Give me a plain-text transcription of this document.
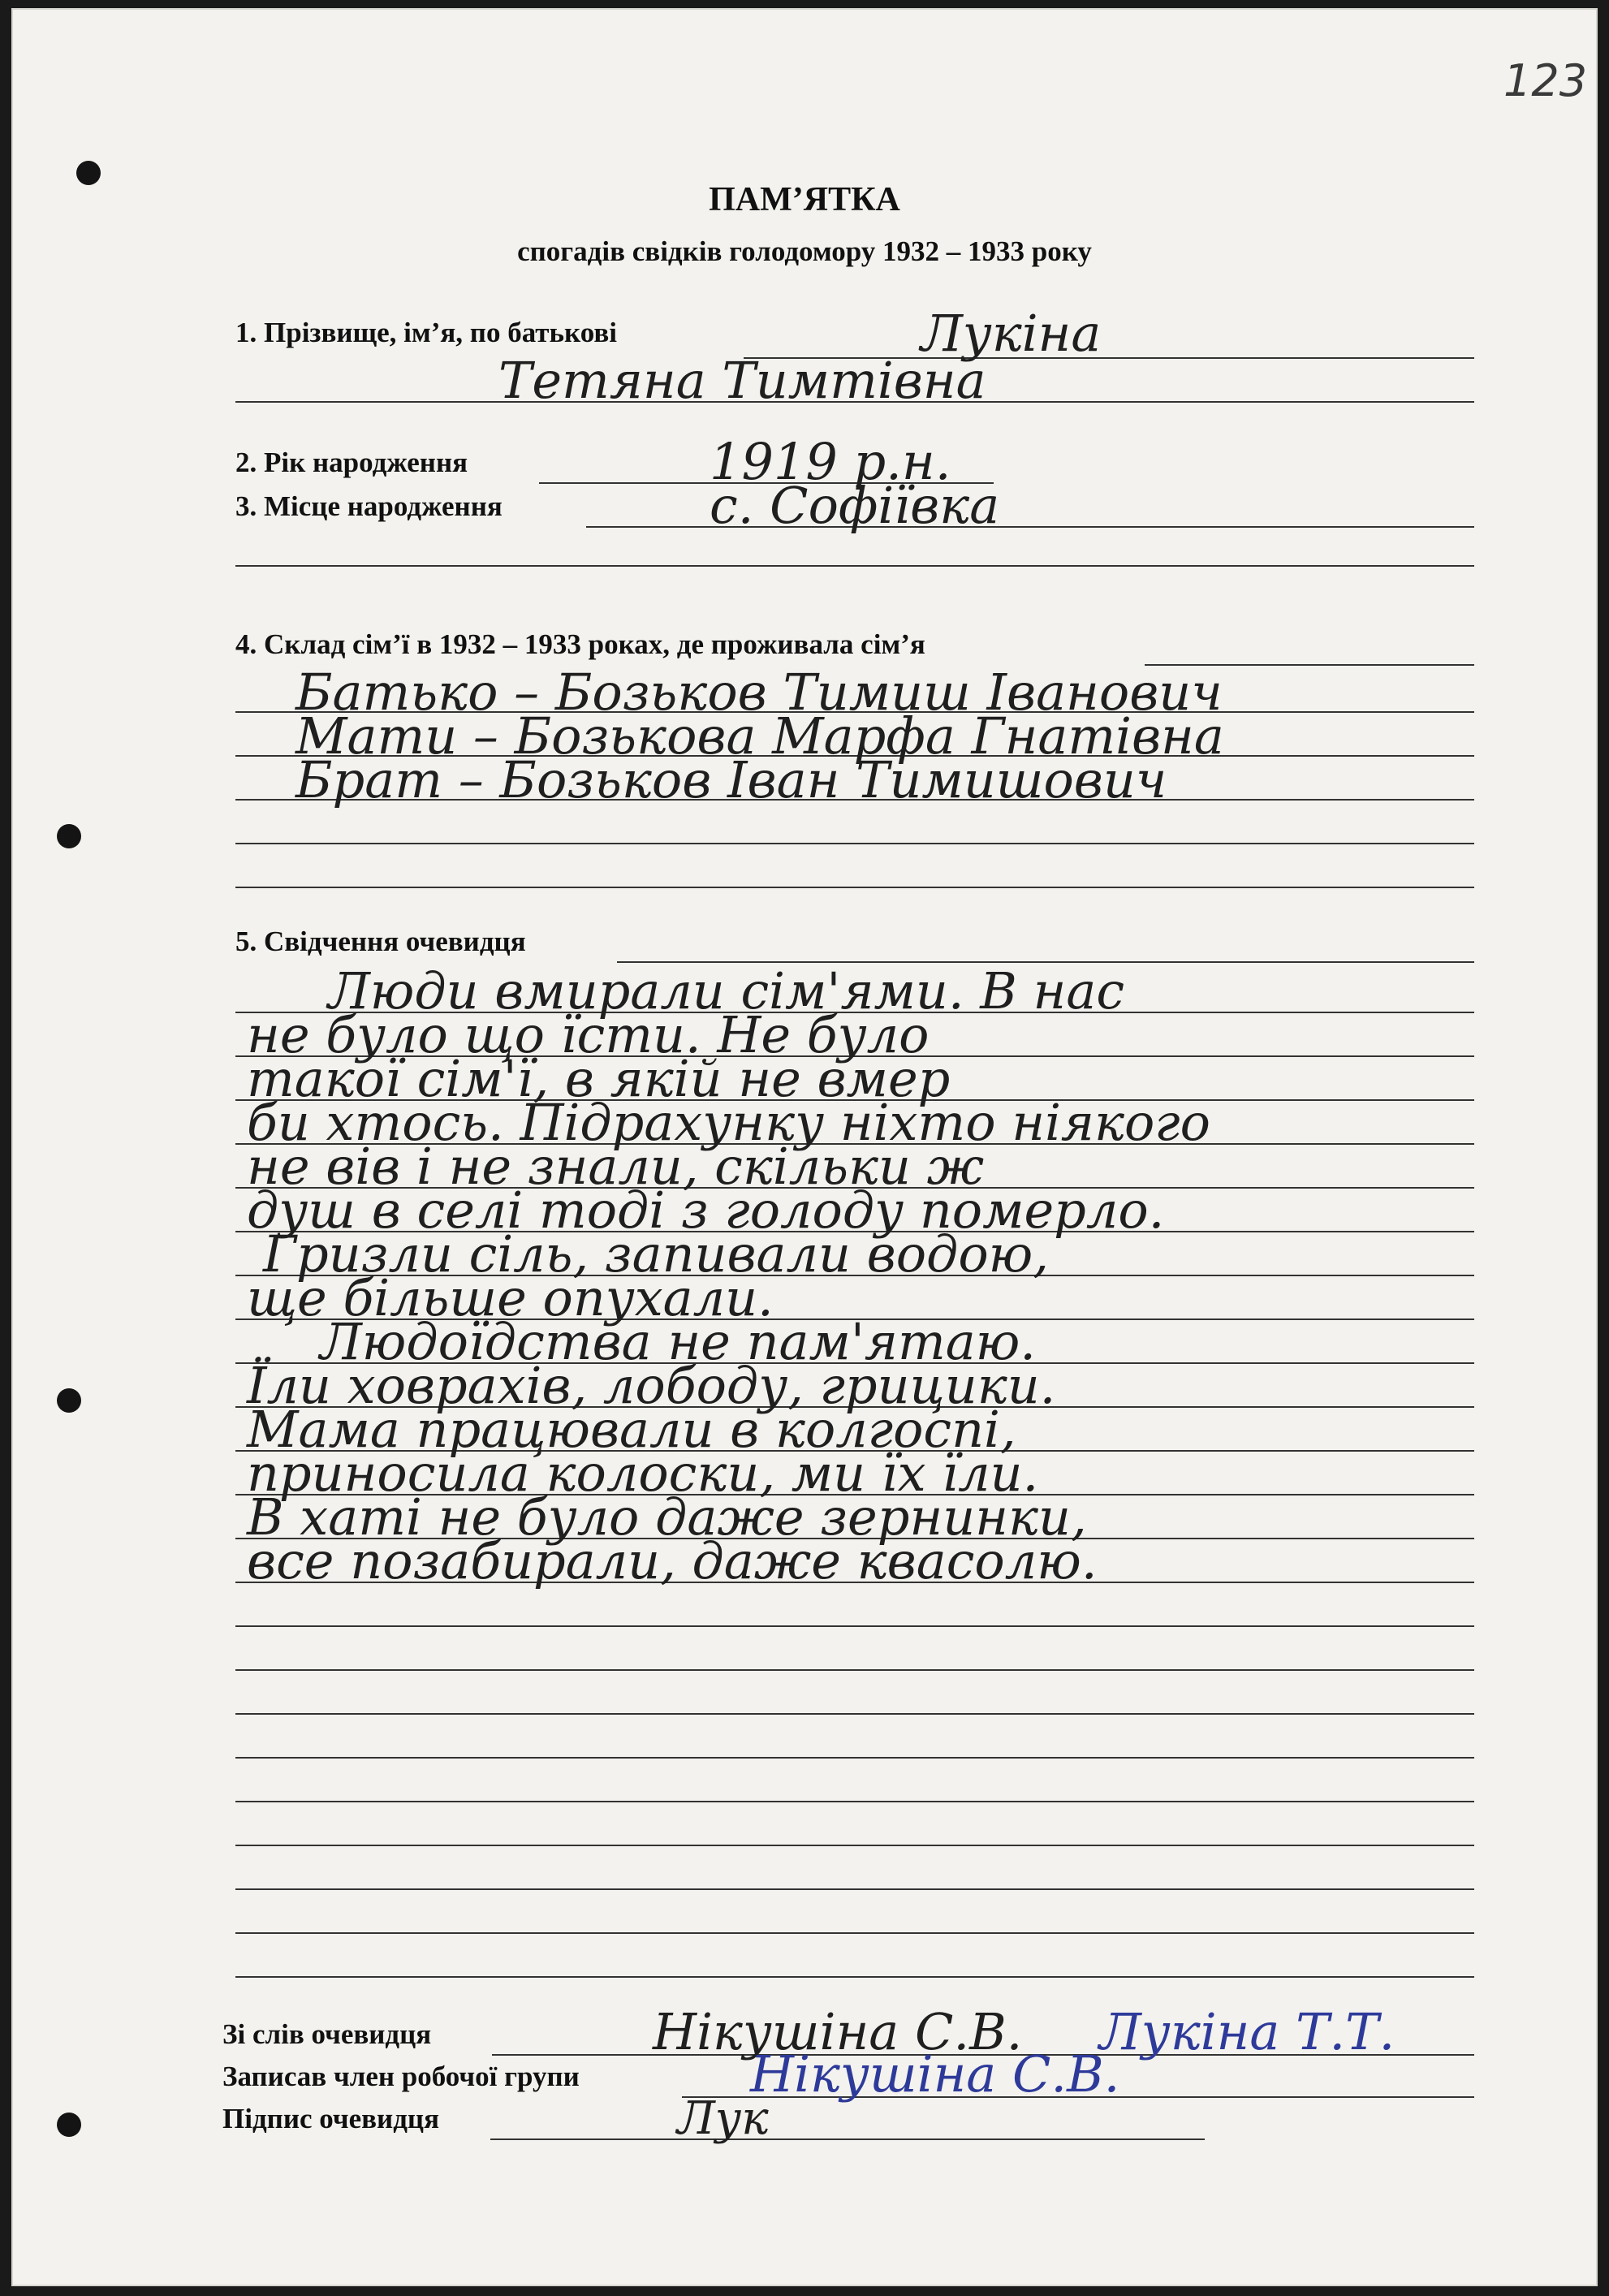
123
ПАМ’ЯТКА
спогадів свідків голодомору 1932 – 1933 року
1. Прізвище, ім’я, по батькові	Лукіна
Тетяна Тимтівна
2. Рік народження	1919 р.н.
3. Місце народження	с. Софіївка
4. Склад сім’ї в 1932 – 1933 роках, де проживала сім’я
Батько – Бозьков Тимиш Іванович
Мати – Бозькова Марфа Гнатівна
Брат – Бозьков Іван Тимишович
5. Свідчення очевидця
Люди вмирали сім'ями. В нас
не було що їсти. Не було
такої сім'ї, в якій не вмер
би хтось. Підрахунку ніхто ніякого
не вів і не знали, скільки ж
душ в селі тоді з голоду померло.
Гризли сіль, запивали водою,
ще більше опухали.
Людоїдства не пам'ятаю.
Їли ховрахів, лободу, грицики.
Мама працювали в колгоспі,
приносила колоски, ми їх їли.
В хаті не було даже зернинки,
все позабирали, даже квасолю.
Зі слів очевидця	Нікушіна С.В. Лукіна Т.Т.
Записав член робочої групи	Нікушіна С.В.
Підпис очевидця	Лук
